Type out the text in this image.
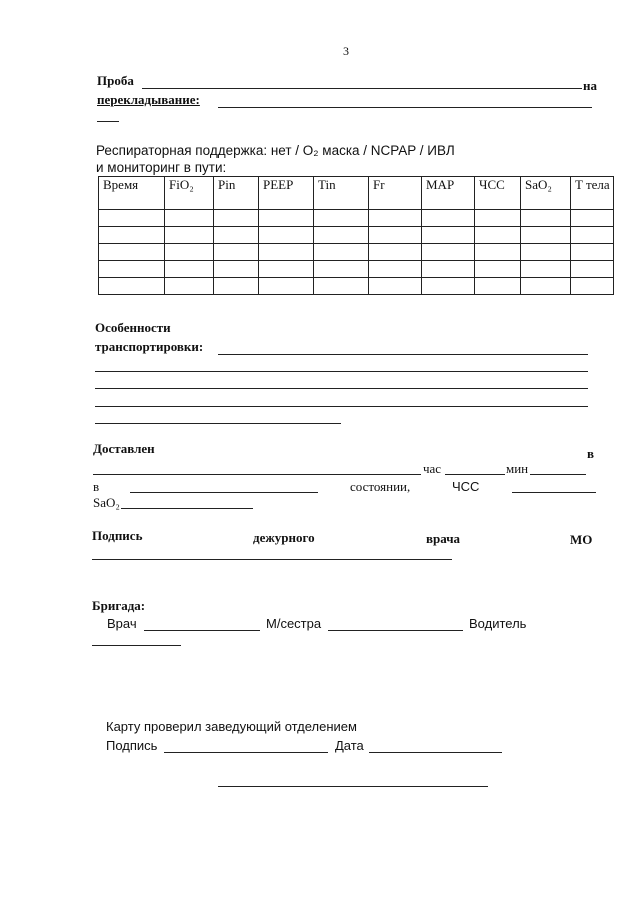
3
Проба	на
перекладывание:
Респираторная поддержка: нет / O₂ маска / NCPAP / ИВЛ
и мониторинг в пути:
Время	FiO₂	Pin	PEEP	Tin	Fr	MAP	ЧСС	SaO₂	T тела

Особенности
транспортировки:
Доставлен	в
час	мин
в	состоянии,	ЧСС
SaO₂
Подпись	дежурного	врача	МО
Бригада:
Врач	М/сестра	Водитель
Карту проверил заведующий отделением
Подпись	Дата
